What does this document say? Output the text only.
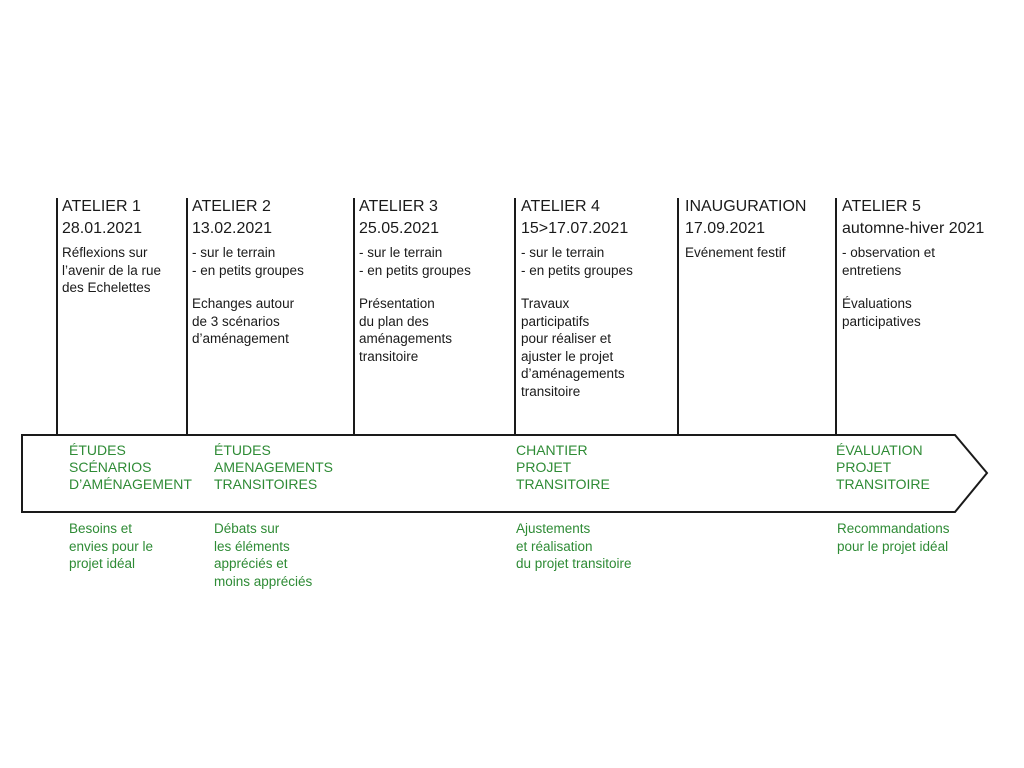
ATELIER 1
28.01.2021
Réflexions sur
l’avenir de la rue
des Echelettes
ATELIER 2
13.02.2021
- sur le terrain
- en petits groupes
Echanges autour
de 3 scénarios
d’aménagement
ATELIER 3
25.05.2021
- sur le terrain
- en petits groupes
Présentation
du plan des
aménagements
transitoire
ATELIER 4
15>17.07.2021
- sur le terrain
- en petits groupes
Travaux
participatifs
pour réaliser et
ajuster le projet
d’aménagements
transitoire
INAUGURATION
17.09.2021
Evénement festif
ATELIER 5
automne-hiver 2021
- observation et
entretiens
Évaluations
participatives
ÉTUDES
SCÉNARIOS
D’AMÉNAGEMENT
ÉTUDES
AMENAGEMENTS
TRANSITOIRES
CHANTIER
PROJET
TRANSITOIRE
ÉVALUATION
PROJET
TRANSITOIRE
Besoins et
envies pour le
projet idéal
Débats sur
les éléments
appréciés et
moins appréciés
Ajustements
et réalisation
du projet transitoire
Recommandations
pour le projet idéal
